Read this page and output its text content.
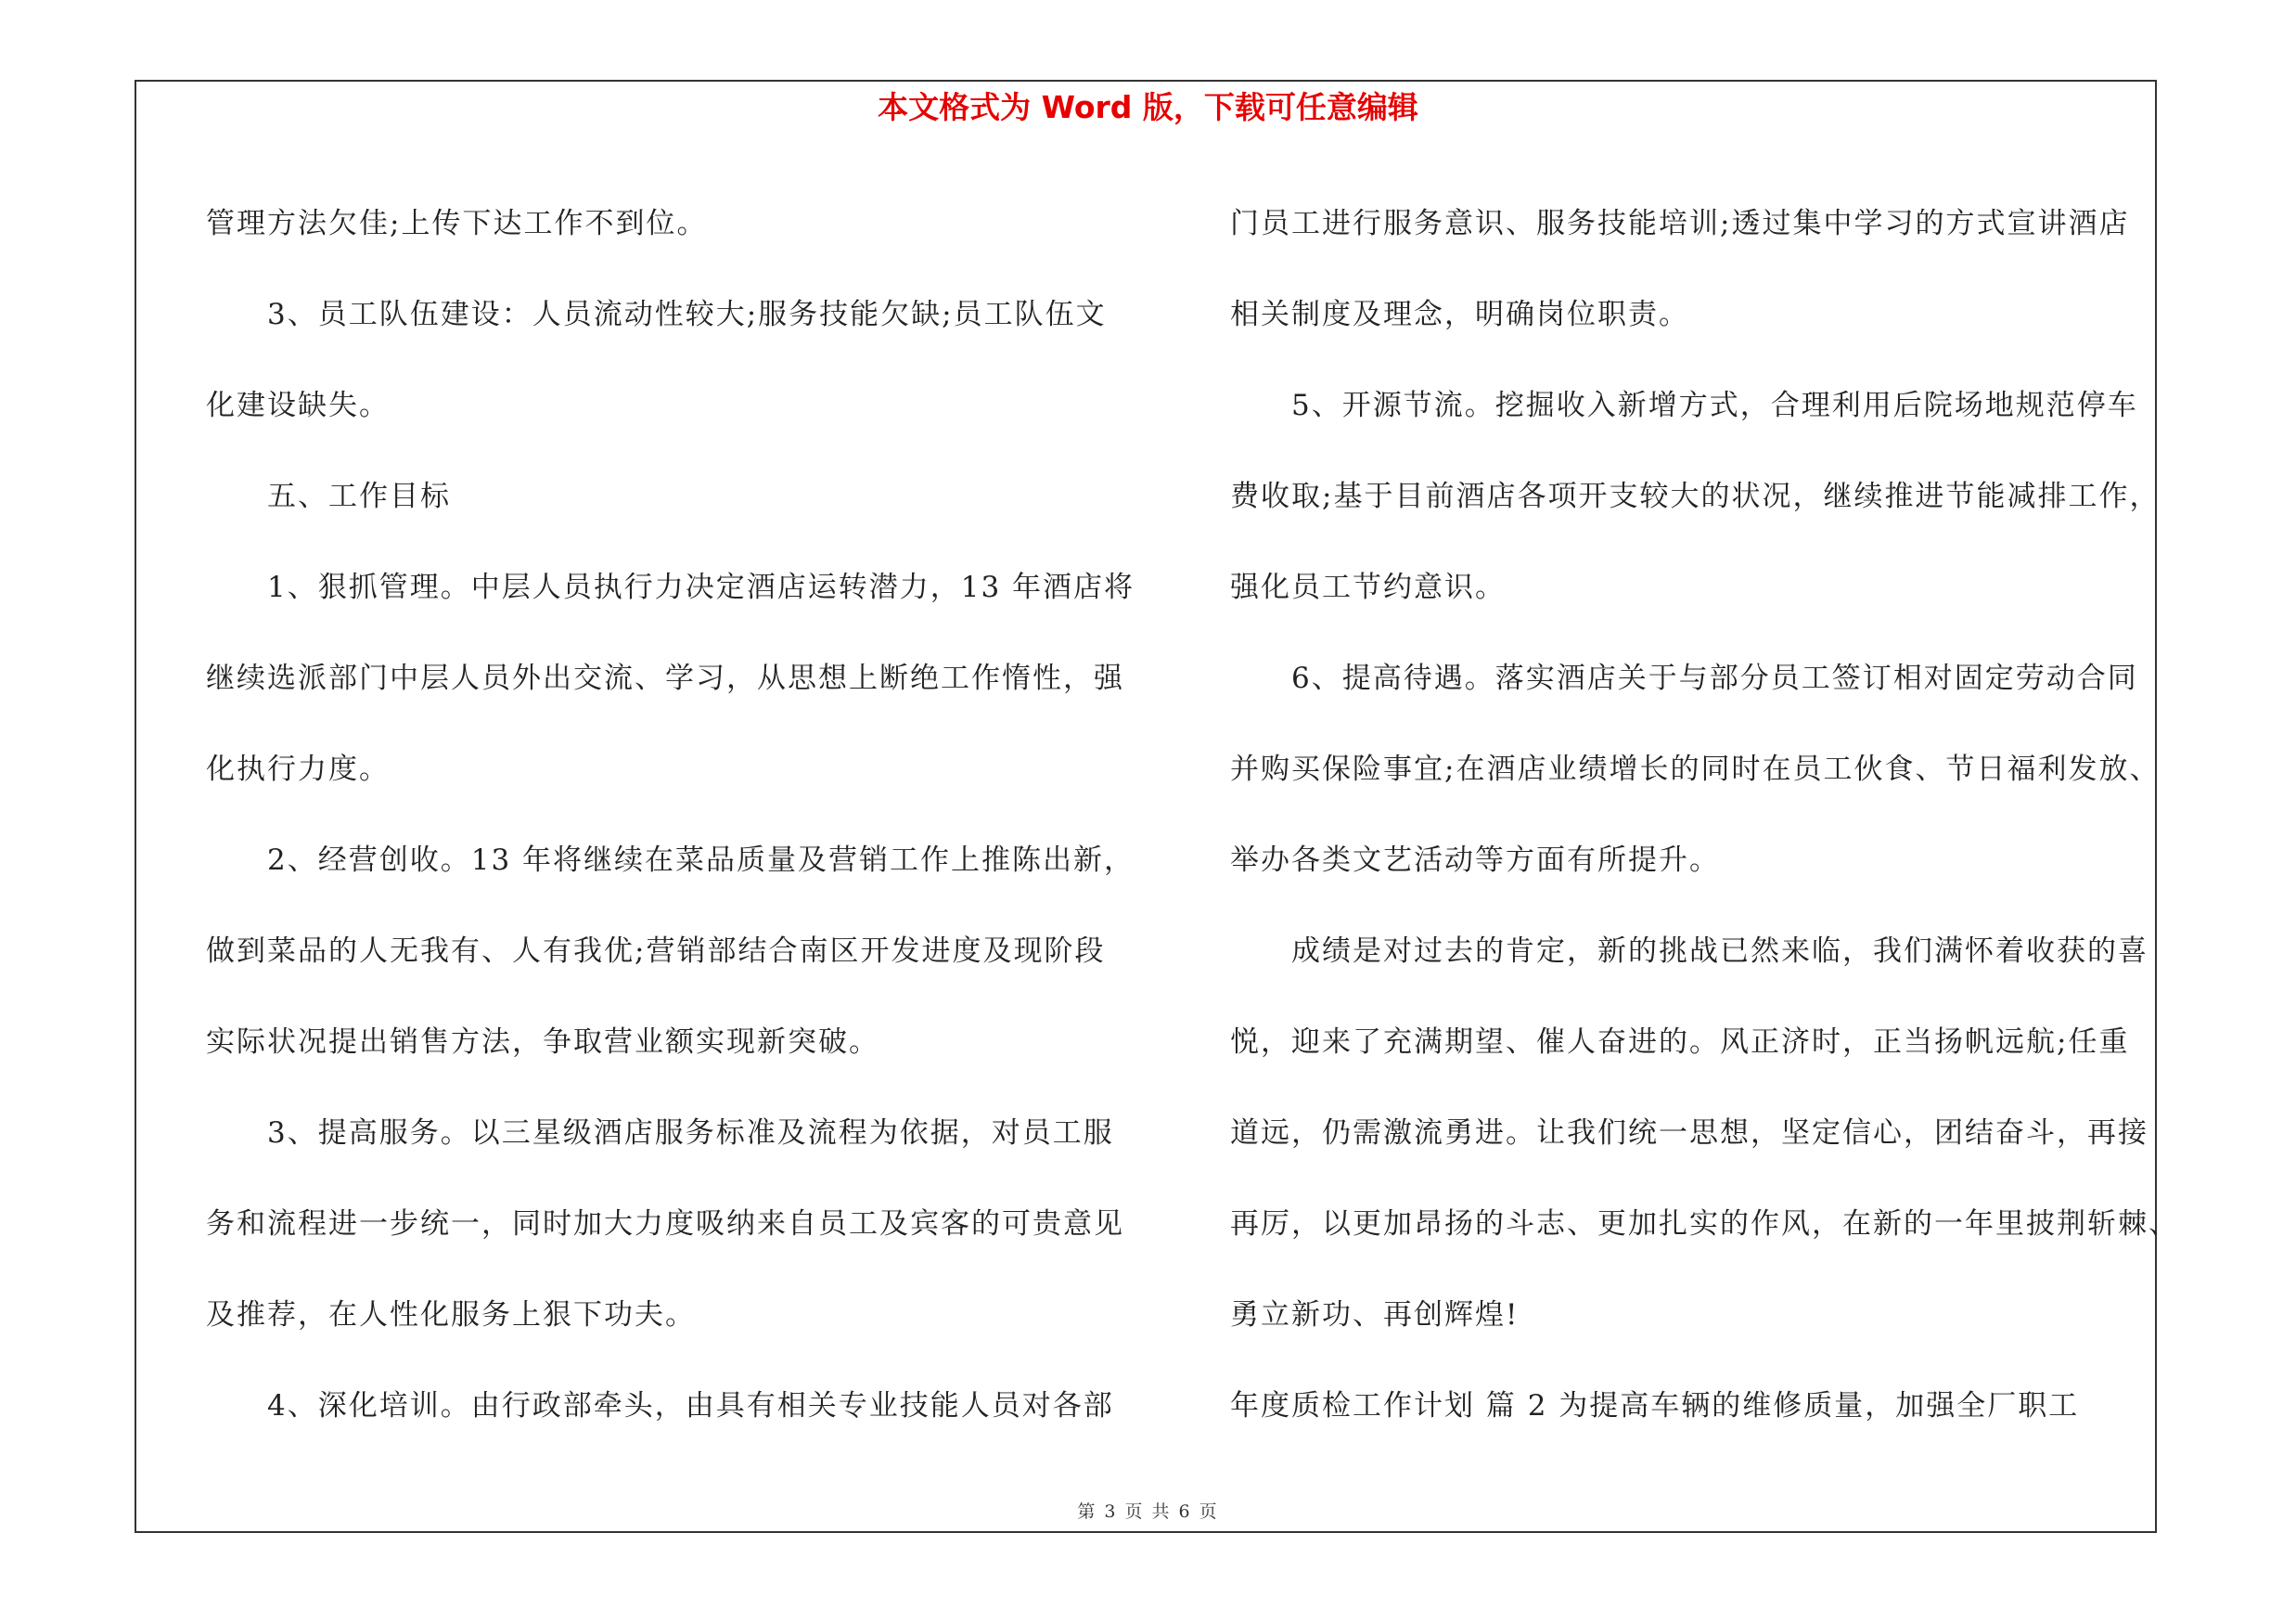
本文格式为 Word 版，下载可任意编辑
管理方法欠佳;上传下达工作不到位。
3、员工队伍建设：人员流动性较大;服务技能欠缺;员工队伍文
化建设缺失。
五、工作目标
1、狠抓管理。中层人员执行力决定酒店运转潜力，13 年酒店将
继续选派部门中层人员外出交流、学习，从思想上断绝工作惰性，强
化执行力度。
2、经营创收。13 年将继续在菜品质量及营销工作上推陈出新，
做到菜品的人无我有、人有我优;营销部结合南区开发进度及现阶段
实际状况提出销售方法，争取营业额实现新突破。
3、提高服务。以三星级酒店服务标准及流程为依据，对员工服
务和流程进一步统一，同时加大力度吸纳来自员工及宾客的可贵意见
及推荐，在人性化服务上狠下功夫。
4、深化培训。由行政部牵头，由具有相关专业技能人员对各部
门员工进行服务意识、服务技能培训;透过集中学习的方式宣讲酒店
相关制度及理念，明确岗位职责。
5、开源节流。挖掘收入新增方式，合理利用后院场地规范停车
费收取;基于目前酒店各项开支较大的状况，继续推进节能减排工作，
强化员工节约意识。
6、提高待遇。落实酒店关于与部分员工签订相对固定劳动合同
并购买保险事宜;在酒店业绩增长的同时在员工伙食、节日福利发放、
举办各类文艺活动等方面有所提升。
成绩是对过去的肯定，新的挑战已然来临，我们满怀着收获的喜
悦，迎来了充满期望、催人奋进的。风正济时，正当扬帆远航;任重
道远，仍需激流勇进。让我们统一思想，坚定信心，团结奋斗，再接
再厉，以更加昂扬的斗志、更加扎实的作风，在新的一年里披荆斩棘、
勇立新功、再创辉煌!
年度质检工作计划 篇 2 为提高车辆的维修质量，加强全厂职工
第 3 页 共 6 页
